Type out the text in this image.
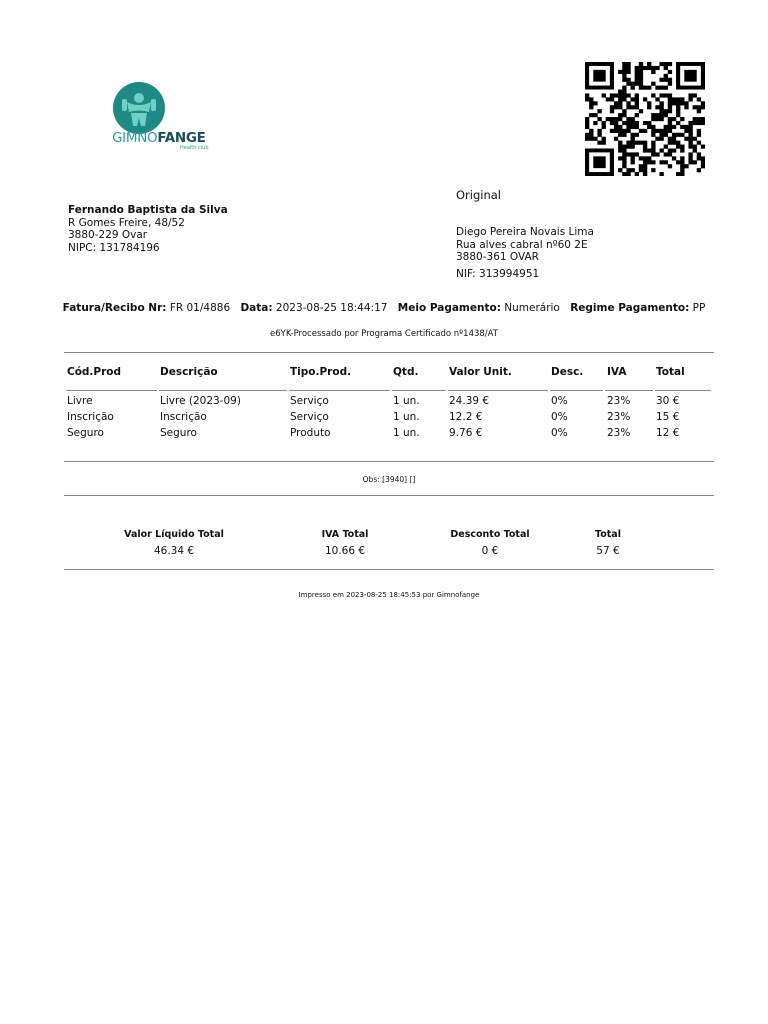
GIMNOFANGE
Health club
Original
Fernando Baptista da Silva
R Gomes Freire, 48/52
3880-229 Ovar
NIPC: 131784196
Diego Pereira Novais Lima
Rua alves cabral nº60 2E
3880-361 OVAR
NIF: 313994951
Fatura/Recibo Nr: FR 01/4886 Data: 2023-08-25 18:44:17 Meio Pagamento: Numerário Regime Pagamento: PP
e6YK-Processado por Programa Certificado nº1438/AT
Cód.Prod	Descrição	Tipo.Prod.	Qtd.	Valor Unit.	Desc.	IVA	Total

Livre	Livre (2023-09)	Serviço	1 un.	24.39 €	0%	23%	30 €
Inscrição	Inscrição	Serviço	1 un.	12.2 €	0%	23%	15 €
Seguro	Seguro	Produto	1 un.	9.76 €	0%	23%	12 €
Obs: [3940] []
Valor Líquido Total
46.34 €
IVA Total
10.66 €
Desconto Total
0 €
Total
57 €
Impresso em 2023-08-25 18:45:53 por Gimnofange
